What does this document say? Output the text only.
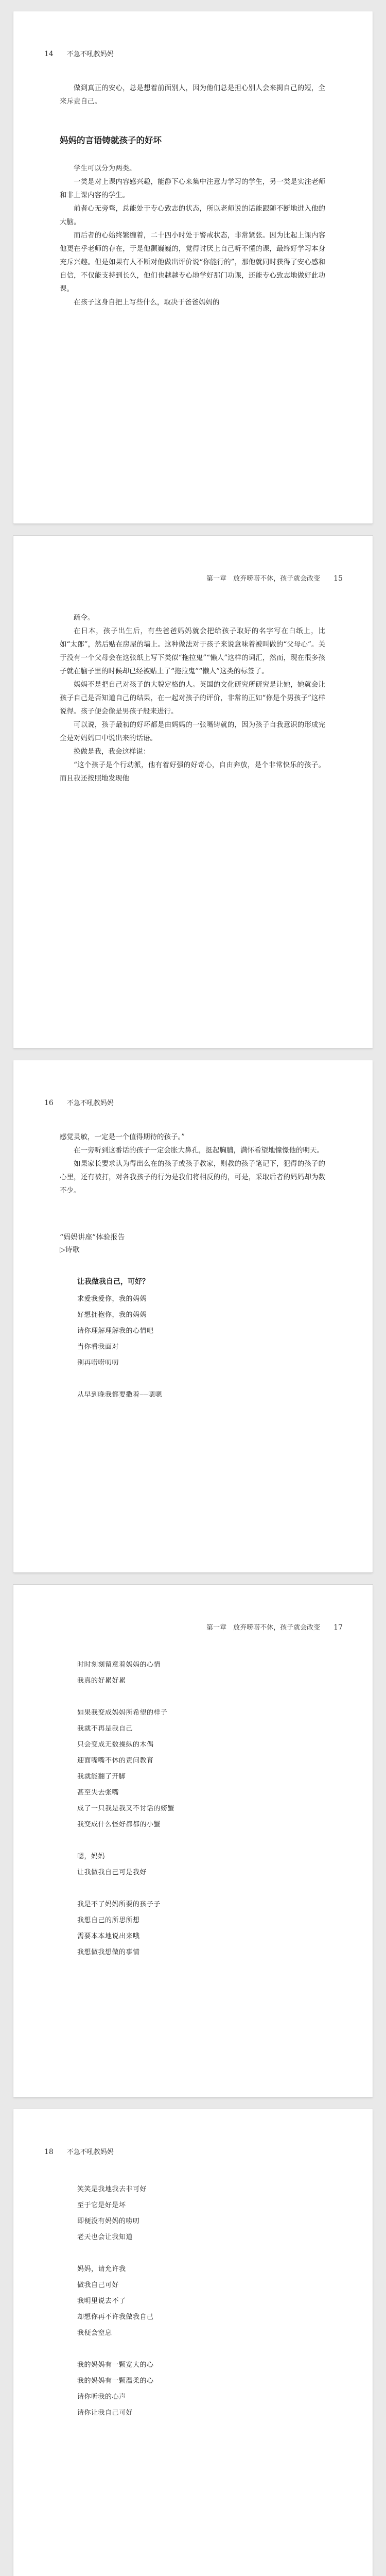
14 不急不吼教妈妈

做到真正的安心，总是想着前面别人，因为他们总是担心别人会来揭自己的短，全来斥责自己。

妈妈的言语铸就孩子的好坏

学生可以分为两类。

一类是对上课内容感兴趣，能静下心来集中注意力学习的学生，另一类是实注老师和非上课内容的学生。

前者心无旁骛，总能处于专心致志的状态，所以老师说的话能跟随不断地进入他的大脑。

而后者的心始终繁缠着，二十四小时处于警戒状态，非常紧张。因为比起上课内容他更在乎老师的存在，于是他颤巍巍的，觉得讨厌上自己听不懂的课，最终好学习本身充斥兴趣。但是如果有人不断对他做出评价说“你能行的”，那他就同时获得了安心感和自信，不仅能支持到长久，他们也越越专心地学好那门功课，还能专心致志地做好此功课。

在孩子这身自把上写些什么，取决于爸爸妈妈的

第一章　放弃唠唠不休，孩子就会改变 15

疏令。

在日本，孩子出生后，有些爸爸妈妈就会把给孩子取好的名字写在白纸上，比如“太郎”，然后贴在房屋的墙上。这种做法对于孩子来说意味着被叫做的“父母心”。关于没有一个父母会在这张纸上写下类似“拖拉鬼”“懒人”这样的词汇，然而，现在很多孩子就在脑子里的时候却已经被贴上了“拖拉鬼”“懒人”这类的标签了。

妈妈不是把自己对孩子的大貌定格的人。英国的文化研究所研究是让她，她就会让孩子自己是否知道自己的结果，在一起对孩子的评价，非常的正如“你是个男孩子”这样说得。孩子便会像是男孩子般来进行。

可以说，孩子最初的好坏都是由妈妈的一张嘴铸就的，因为孩子自我意识的形成完全是对妈妈口中说出来的话语。

换做是我，我会这样说：

“这个孩子是个行动派，他有着好强的好奇心，自由奔放，是个非常快乐的孩子。而且我还按照地发现他

16 不急不吼教妈妈

感觉灵敏，一定是一个值得期待的孩子。”

在一旁听到这番话的孩子一定会胀大鼻孔，挺起胸脯，满怀希望地憧憬他的明天。

如果家长要求认为得出么在的孩子或孩子教家，则教的孩子笔记下，犯得的孩子的心里，还有被打，对各我孩子的行为是我们将相反的的，可是，采取后者的妈妈却为数不少。

“妈妈讲座”体验报告

▷诗歌

让我做我自己，可好？

求爱我爱你，我的妈妈

好想拥抱你，我的妈妈

请你理解理解我的心情吧

当你看我面对

别再唠唠叨叨

从早到晚我都要撒着——嗯嗯

第一章　放弃唠唠不休，孩子就会改变 17

时时刻刻留意着妈妈的心情

我真的好累好累

如果我变成妈妈所希望的样子

我就不再是我自己

只会变成无数操纵的木偶

迎面嘴嘴不休的责问教育

我就能翻了开脚

甚至失去张嘴

成了一只我是我又不讨话的螃蟹

我变成什么怪好都都的小蟹

嗯，妈妈

让我做我自己可是我好

我是不了妈妈所要的孩子子

我想自己的所思所想

需要本本地说出来哦

我想做我想做的事情

18 不急不吼教妈妈

笑笑是我地我去非可好

至于它是好是坏

即便没有妈妈的唠叨

老天也会让我知道

妈妈，请允许我

做我自己可好

我明里说去不了

却想你再不许我做我自己

我便会窒息

我的妈妈有一颗宽大的心

我的妈妈有一颗温柔的心

请你听我的心声

请你让我自己可好
